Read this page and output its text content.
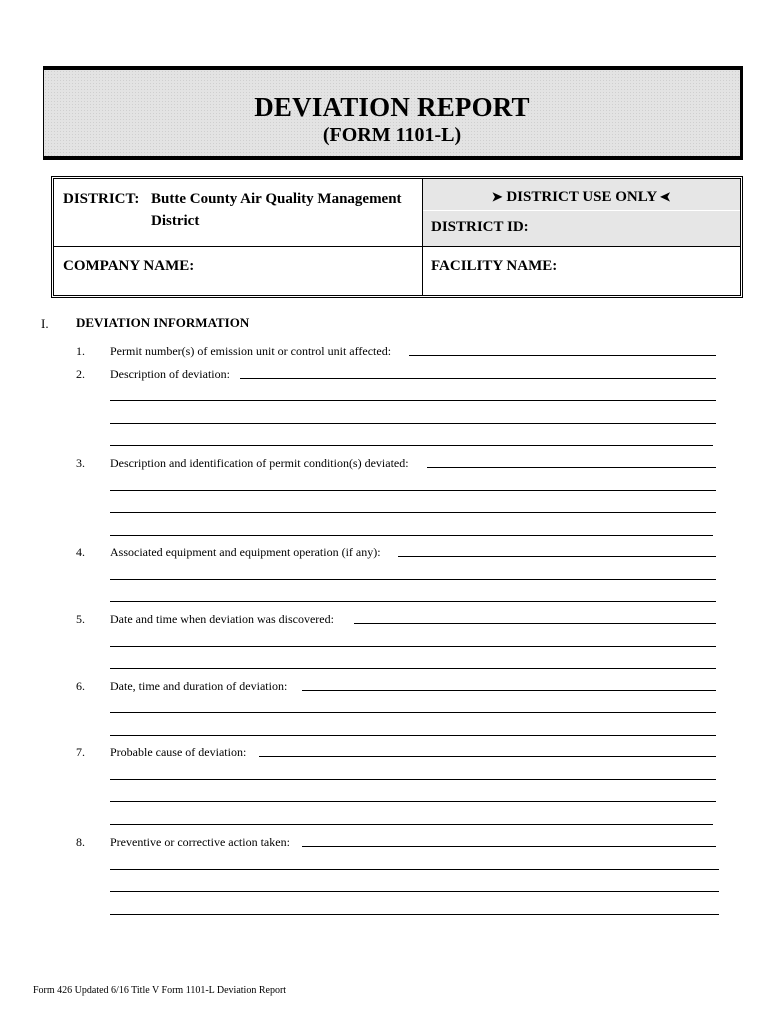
DEVIATION REPORT
(FORM 1101-L)
DISTRICT: Butte County Air Quality Management
District
➤ DISTRICT USE ONLY ➤
DISTRICT ID:
COMPANY NAME:	FACILITY NAME:
I. DEVIATION INFORMATION
1. Permit number(s) of emission unit or control unit affected:
2. Description of deviation:
3. Description and identification of permit condition(s) deviated:
4. Associated equipment and equipment operation (if any):
5. Date and time when deviation was discovered:
6. Date, time and duration of deviation:
7. Probable cause of deviation:
8. Preventive or corrective action taken:
Form 426 Updated 6/16 Title V Form 1101-L Deviation Report
